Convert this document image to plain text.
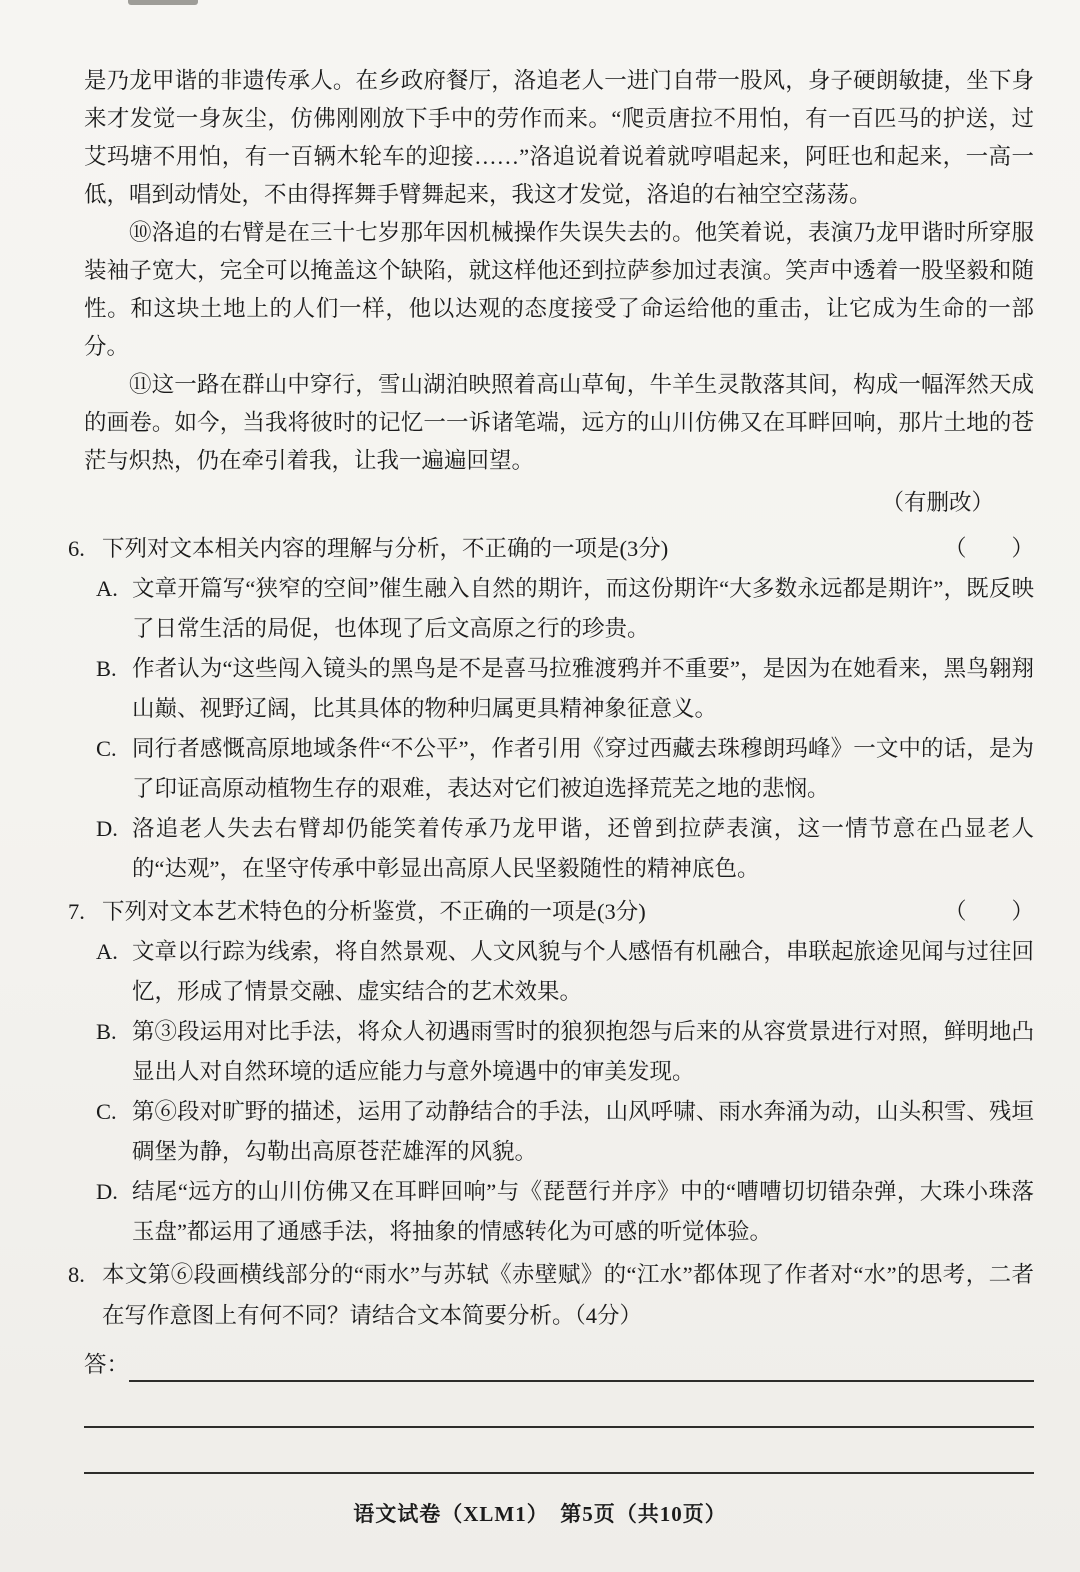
是乃龙甲谐的非遗传承人。在乡政府餐厅，洛追老人一进门自带一股风，身子硬朗敏捷，坐下身来才发觉一身灰尘，仿佛刚刚放下手中的劳作而来。“爬贡唐拉不用怕，有一百匹马的护送，过艾玛塘不用怕，有一百辆木轮车的迎接……”洛追说着说着就哼唱起来，阿旺也和起来，一高一低，唱到动情处，不由得挥舞手臂舞起来，我这才发觉，洛追的右袖空空荡荡。

⑩洛追的右臂是在三十七岁那年因机械操作失误失去的。他笑着说，表演乃龙甲谐时所穿服装袖子宽大，完全可以掩盖这个缺陷，就这样他还到拉萨参加过表演。笑声中透着一股坚毅和随性。和这块土地上的人们一样，他以达观的态度接受了命运给他的重击，让它成为生命的一部分。

⑪这一路在群山中穿行，雪山湖泊映照着高山草甸，牛羊生灵散落其间，构成一幅浑然天成的画卷。如今，当我将彼时的记忆一一诉诸笔端，远方的山川仿佛又在耳畔回响，那片土地的苍茫与炽热，仍在牵引着我，让我一遍遍回望。

（有删改）
6. 下列对文本相关内容的理解与分析，不正确的一项是(3分)	（　　）
A. 文章开篇写“狭窄的空间”催生融入自然的期许，而这份期许“大多数永远都是期许”，既反映了日常生活的局促，也体现了后文高原之行的珍贵。
B. 作者认为“这些闯入镜头的黑鸟是不是喜马拉雅渡鸦并不重要”，是因为在她看来，黑鸟翱翔山巅、视野辽阔，比其具体的物种归属更具精神象征意义。
C. 同行者感慨高原地域条件“不公平”，作者引用《穿过西藏去珠穆朗玛峰》一文中的话，是为了印证高原动植物生存的艰难，表达对它们被迫选择荒芜之地的悲悯。
D. 洛追老人失去右臂却仍能笑着传承乃龙甲谐，还曾到拉萨表演，这一情节意在凸显老人的“达观”，在坚守传承中彰显出高原人民坚毅随性的精神底色。
7. 下列对文本艺术特色的分析鉴赏，不正确的一项是(3分)	（　　）
A. 文章以行踪为线索，将自然景观、人文风貌与个人感悟有机融合，串联起旅途见闻与过往回忆，形成了情景交融、虚实结合的艺术效果。
B. 第③段运用对比手法，将众人初遇雨雪时的狼狈抱怨与后来的从容赏景进行对照，鲜明地凸显出人对自然环境的适应能力与意外境遇中的审美发现。
C. 第⑥段对旷野的描述，运用了动静结合的手法，山风呼啸、雨水奔涌为动，山头积雪、残垣碉堡为静，勾勒出高原苍茫雄浑的风貌。
D. 结尾“远方的山川仿佛又在耳畔回响”与《琵琶行并序》中的“嘈嘈切切错杂弹，大珠小珠落玉盘”都运用了通感手法，将抽象的情感转化为可感的听觉体验。
8. 本文第⑥段画横线部分的“雨水”与苏轼《赤壁赋》的“江水”都体现了作者对“水”的思考，二者在写作意图上有何不同？请结合文本简要分析。（4分）
答：
语文试卷（XLM1）　第5页（共10页）
